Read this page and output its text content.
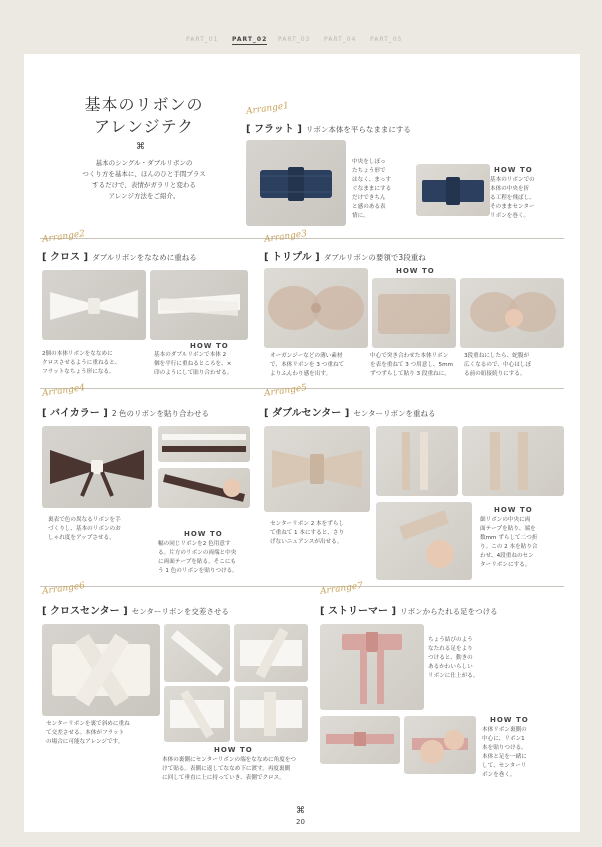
PART_01 PART_02 PART_03 PART_04 PART_05
基本のリボンの
アレンジテク
⌘
基本のシングル・ダブルリボンの
つくり方を基本に、ほんのひと手間プラス
するだけで、表情がガラリと変わる
アレンジ方法をご紹介。
Arrange1
[ フラット ] リボン本体を平らなままにする
中央をしぼっ
たちょう形で
はなく、まっす
ぐなままにする
だけできちん
と感のある表
情に。
HOW TO
基本のリボンでの
本体の中央を折
る工程を飛ばし、
そのままセンター
リボンを巻く。
Arrange2
[ クロス ] ダブルリボンをななめに重ねる
2個の本体リボンをななめに
クロスさせるように重ねると、
フラットなちょう形になる。
HOW TO
基本のダブルリボンで本体 2
個を平行に重ねるところを、×
印のようにして貼り合わせる。
Arrange3
[ トリプル ] ダブルリボンの要領で3段重ね
HOW TO
オーガンジーなどの薄い素材
で、本体リボンを 3 つ重ねて
よりふんわり感を出す。
中心で突き合わせた本体リボン
を表を重ねて 3 つ用意し、5mm
ずつずらして貼り 3 段重ねに。
3段重ねにしたら、蛇腹が
広くなるので、中心はしぼ
る前の紐接続りにする。
Arrange4
[ バイカラー ] 2 色のリボンを貼り合わせる
裏表で色の異なるリボンを手
づくりし、基本のリボンのお
しゃれ度をアップさせる。	HOW TO
幅の同じリボンを2 色用意す
る。片方のリボンの両端と中央
に両面テープを貼る。そこにも
う 1 色のリボンを貼りつける。
Arrange5
[ ダブルセンター ] センターリボンを重ねる
センターリボン 2 本をずらし
て重ねて 1 本にすると、さり
げないニュアンスが出せる。
HOW TO
細リボンの中央に両
面テープを貼り、端を
数mm ずらして二つ折
り。この 2 本を貼り合
わせ、4段重ねのセン
ターリボンにする。
Arrange6
[ クロスセンター ] センターリボンを交差させる
センターリボンを裏で斜めに重ね
て交差させる。本体がフラット
の場合に可能なアレンジです。
HOW TO
本体の裏側にセンターリボンの端をななめに角度をつ
けて貼る。表側に返してななめ下に渡す。再度裏側
に回して垂直に上に持っていき、表側でクロス。
Arrange7
[ ストリーマー ] リボンからたれる足をつける
ちょう結びのよう
なたれる足をより
つけると、動きの
あるかわいらしい
リボンに仕上がる。
HOW TO
本体リボン裏側の
中心に、リボン1
本を貼りつける。
本体と足を一緒に
して、センターリ
ボンを巻く。
⌘
20
